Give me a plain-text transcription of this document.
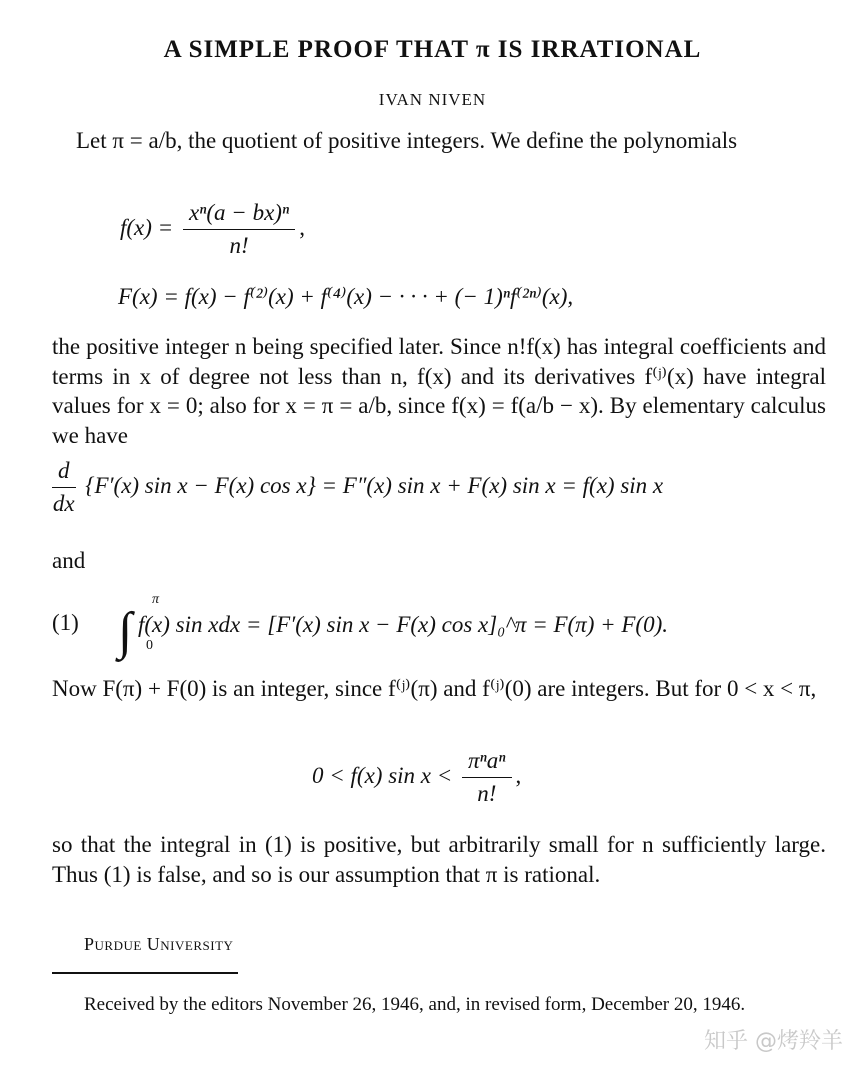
A SIMPLE PROOF THAT π IS IRRATIONAL
IVAN NIVEN
Let π = a/b, the quotient of positive integers. We define the polynomials
$f(x) = \frac{\text{xⁿ(a − bx)ⁿ}}{n!}$ ,
F(x) = f(x) − f⁽²⁾(x) + f⁽⁴⁾(x) − · · · + (− 1)ⁿf⁽²ⁿ⁾(x),
the positive integer n being specified later. Since n!f(x) has integral coefficients and terms in x of degree not less than n, f(x) and its derivatives f⁽ʲ⁾(x) have integral values for x = 0; also for x = π = a/b, since f(x) = f(a/b − x). By elementary calculus we have
$\frac{d}{dx} \{F'(x)$ sin x − F(x) cos x} = F″(x) sin x + F(x) sin x = f(x) sin x
and
(1) ∫
π
0
f(x) sin xdx = [F′(x) sin x − F(x) cos x]₀^π = F(π) + F(0).
Now F(π) + F(0) is an integer, since f⁽ʲ⁾(π) and f⁽ʲ⁾(0) are integers. But for 0 < x < π,
0 < f(x) $\sin x < \frac{\text{πⁿaⁿ}}{n!}$ ,
so that the integral in (1) is positive, but arbitrarily small for n sufficiently large. Thus (1) is false, and so is our assumption that π is rational.
Purdue University
Received by the editors November 26, 1946, and, in revised form, December 20, 1946.
知乎 @烤羚羊
